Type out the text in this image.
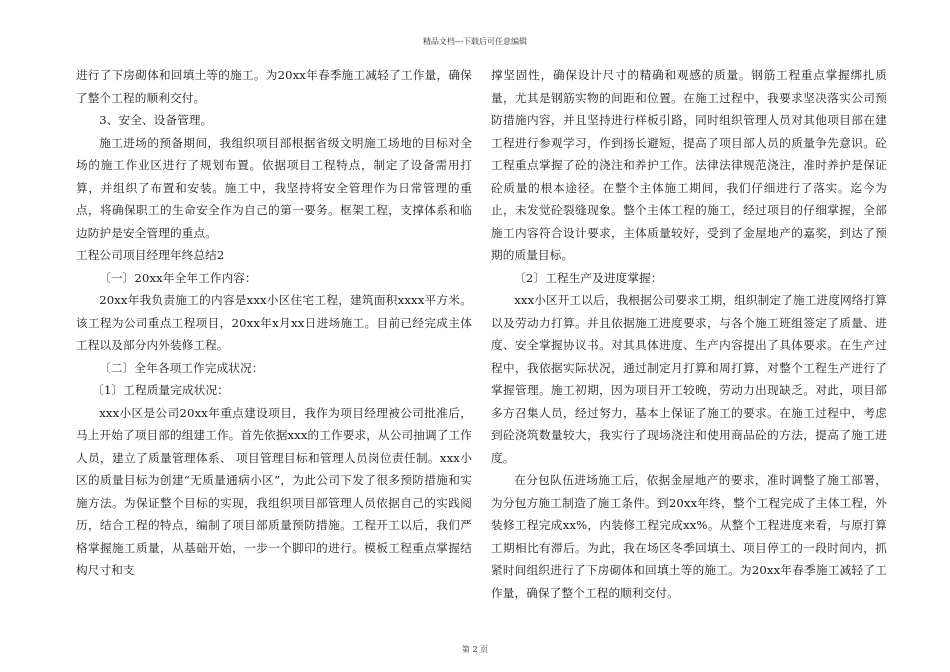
精品文档---下载后可任意编辑

进行了下房砌体和回填土等的施工。为20xx年春季施工减轻了工作量，确保了整个工程的顺利交付。

3、安全、设备管理。

施工进场的预备期间，我组织项目部根据省级文明施工场地的目标对全场的施工作业区进行了规划布置。依据项目工程特点，制定了设备需用打算，并组织了布置和安装。施工中，我坚持将安全管理作为日常管理的重点，将确保职工的生命安全作为自己的第一要务。框架工程，支撑体系和临边防护是安全管理的重点。

工程公司项目经理年终总结2

〔一〕20xx年全年工作内容：

20xx年我负责施工的内容是xxx小区住宅工程，建筑面积xxxx平方米。该工程为公司重点工程项目，20xx年x月xx日进场施工。目前已经完成主体工程以及部分内外装修工程。

〔二〕全年各项工作完成状况：

〔1〕工程质量完成状况：

xxx小区是公司20xx年重点建设项目，我作为项目经理被公司批准后，马上开始了项目部的组建工作。首先依据xxx的工作要求，从公司抽调了工作人员，建立了质量管理体系、 项目管理目标和管理人员岗位责任制。xxx小区的质量目标为创建“无质量通病小区”，为此公司下发了很多预防措施和实施方法。为保证整个目标的实现，我组织项目部管理人员依据自己的实践阅历，结合工程的特点，编制了项目部质量预防措施。工程开工以后，我们严格掌握施工质量，从基础开始，一步一个脚印的进行。模板工程重点掌握结构尺寸和支

撑坚固性，确保设计尺寸的精确和观感的质量。钢筋工程重点掌握绑扎质量，尤其是钢筋实物的间距和位置。在施工过程中，我要求坚决落实公司预防措施内容，并且坚持进行样板引路，同时组织管理人员对其他项目部在建工程进行参观学习，作到扬长避短，提高了项目部人员的质量争先意识。砼工程重点掌握了砼的浇注和养护工作。法律法律规范浇注，准时养护是保证砼质量的根本途径。在整个主体施工期间，我们仔细进行了落实。迄今为止，未发觉砼裂缝现象。整个主体工程的施工，经过项目的仔细掌握，全部施工内容符合设计要求，主体质量较好，受到了金屋地产的嘉奖，到达了预期的质量目标。

〔2〕工程生产及进度掌握：

xxx小区开工以后，我根据公司要求工期，组织制定了施工进度网络打算以及劳动力打算。并且依据施工进度要求，与各个施工班组签定了质量、进度、安全掌握协议书。对其具体进度、生产内容提出了具体要求。在生产过程中，我依据实际状况，通过制定月打算和周打算，对整个工程生产进行了掌握管理。施工初期，因为项目开工较晚，劳动力出现缺乏。对此，项目部多方召集人员，经过努力，基本上保证了施工的要求。在施工过程中，考虑到砼浇筑数量较大，我实行了现场浇注和使用商品砼的方法，提高了施工进度。

在分包队伍进场施工后，依据金屋地产的要求，准时调整了施工部署，为分包方施工制造了施工条件。到20xx年终，整个工程完成了主体工程，外装修工程完成xx%，内装修工程完成xx%。从整个工程进度来看，与原打算工期相比有滞后。为此，我在场区冬季回填土、项目停工的一段时间内，抓紧时间组织进行了下房砌体和回填土等的施工。为20xx年春季施工减轻了工作量，确保了整个工程的顺利交付。

第 2 页
